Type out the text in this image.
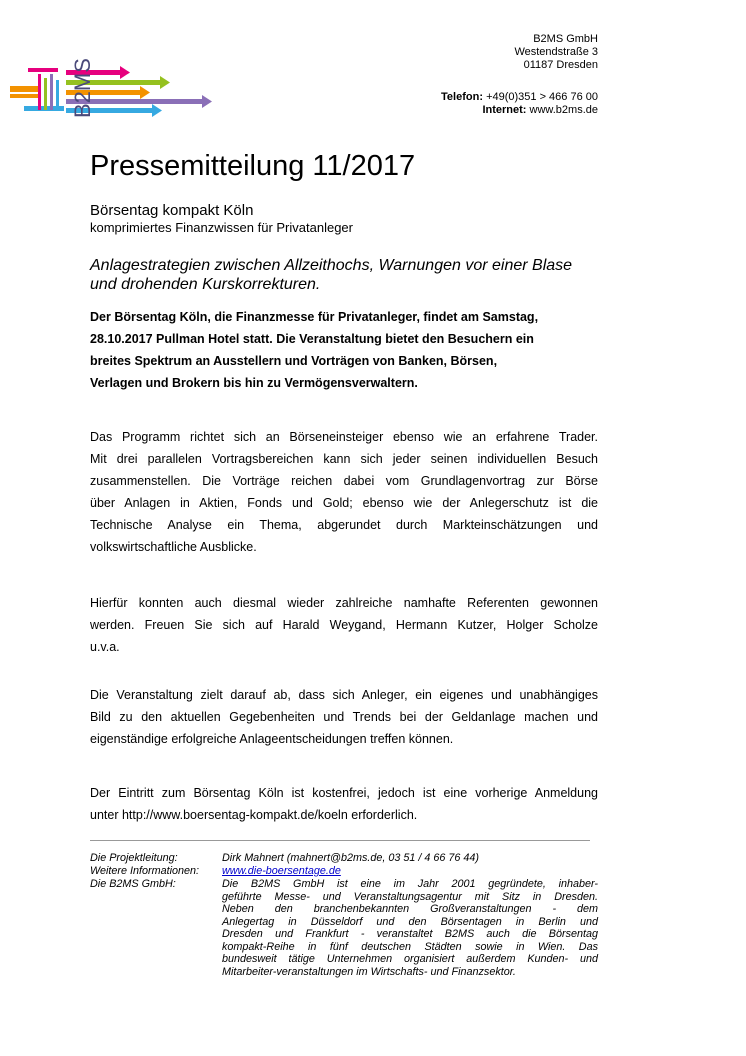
B2MS
B2MS GmbH
Westendstraße 3
01187 Dresden
Telefon: +49(0)351 > 466 76 00
Internet: www.b2ms.de
Pressemitteilung 11/2017
Börsentag kompakt Köln
komprimiertes Finanzwissen für Privatanleger
Anlagestrategien zwischen Allzeithochs, Warnungen vor einer Blase
und drohenden Kurskorrekturen.
Der Börsentag Köln, die Finanzmesse für Privatanleger, findet am Samstag,
28.10.2017 Pullman Hotel statt. Die Veranstaltung bietet den Besuchern ein
breites Spektrum an Ausstellern und Vorträgen von Banken, Börsen,
Verlagen und Brokern bis hin zu Vermögensverwaltern.
Das Programm richtet sich an Börseneinsteiger ebenso wie an erfahrene Trader.
Mit drei parallelen Vortragsbereichen kann sich jeder seinen individuellen Besuch
zusammenstellen. Die Vorträge reichen dabei vom Grundlagenvortrag zur Börse
über Anlagen in Aktien, Fonds und Gold; ebenso wie der Anlegerschutz ist die
Technische Analyse ein Thema, abgerundet durch Markteinschätzungen und
volkswirtschaftliche Ausblicke.
Hierfür konnten auch diesmal wieder zahlreiche namhafte Referenten gewonnen
werden. Freuen Sie sich auf Harald Weygand, Hermann Kutzer, Holger Scholze
u.v.a.
Die Veranstaltung zielt darauf ab, dass sich Anleger, ein eigenes und unabhängiges
Bild zu den aktuellen Gegebenheiten und Trends bei der Geldanlage machen und
eigenständige erfolgreiche Anlageentscheidungen treffen können.
Der Eintritt zum Börsentag Köln ist kostenfrei, jedoch ist eine vorherige Anmeldung
unter http://www.boersentag-kompakt.de/koeln erforderlich.
Die Projektleitung:	Dirk Mahnert (mahnert@b2ms.de, 03 51 / 4 66 76 44)
Weitere Informationen: www.die-boersentage.de
Die B2MS GmbH:	Die B2MS GmbH ist eine im Jahr 2001 gegründete, inhaber-
geführte Messe- und Veranstaltungsagentur mit Sitz in Dresden.
Neben den branchenbekannten Großveranstaltungen - dem
Anlegertag in Düsseldorf und den Börsentagen in Berlin und
Dresden und Frankfurt - veranstaltet B2MS auch die Börsentag
kompakt-Reihe in fünf deutschen Städten sowie in Wien. Das
bundesweit tätige Unternehmen organisiert außerdem Kunden- und
Mitarbeiter-veranstaltungen im Wirtschafts- und Finanzsektor.
